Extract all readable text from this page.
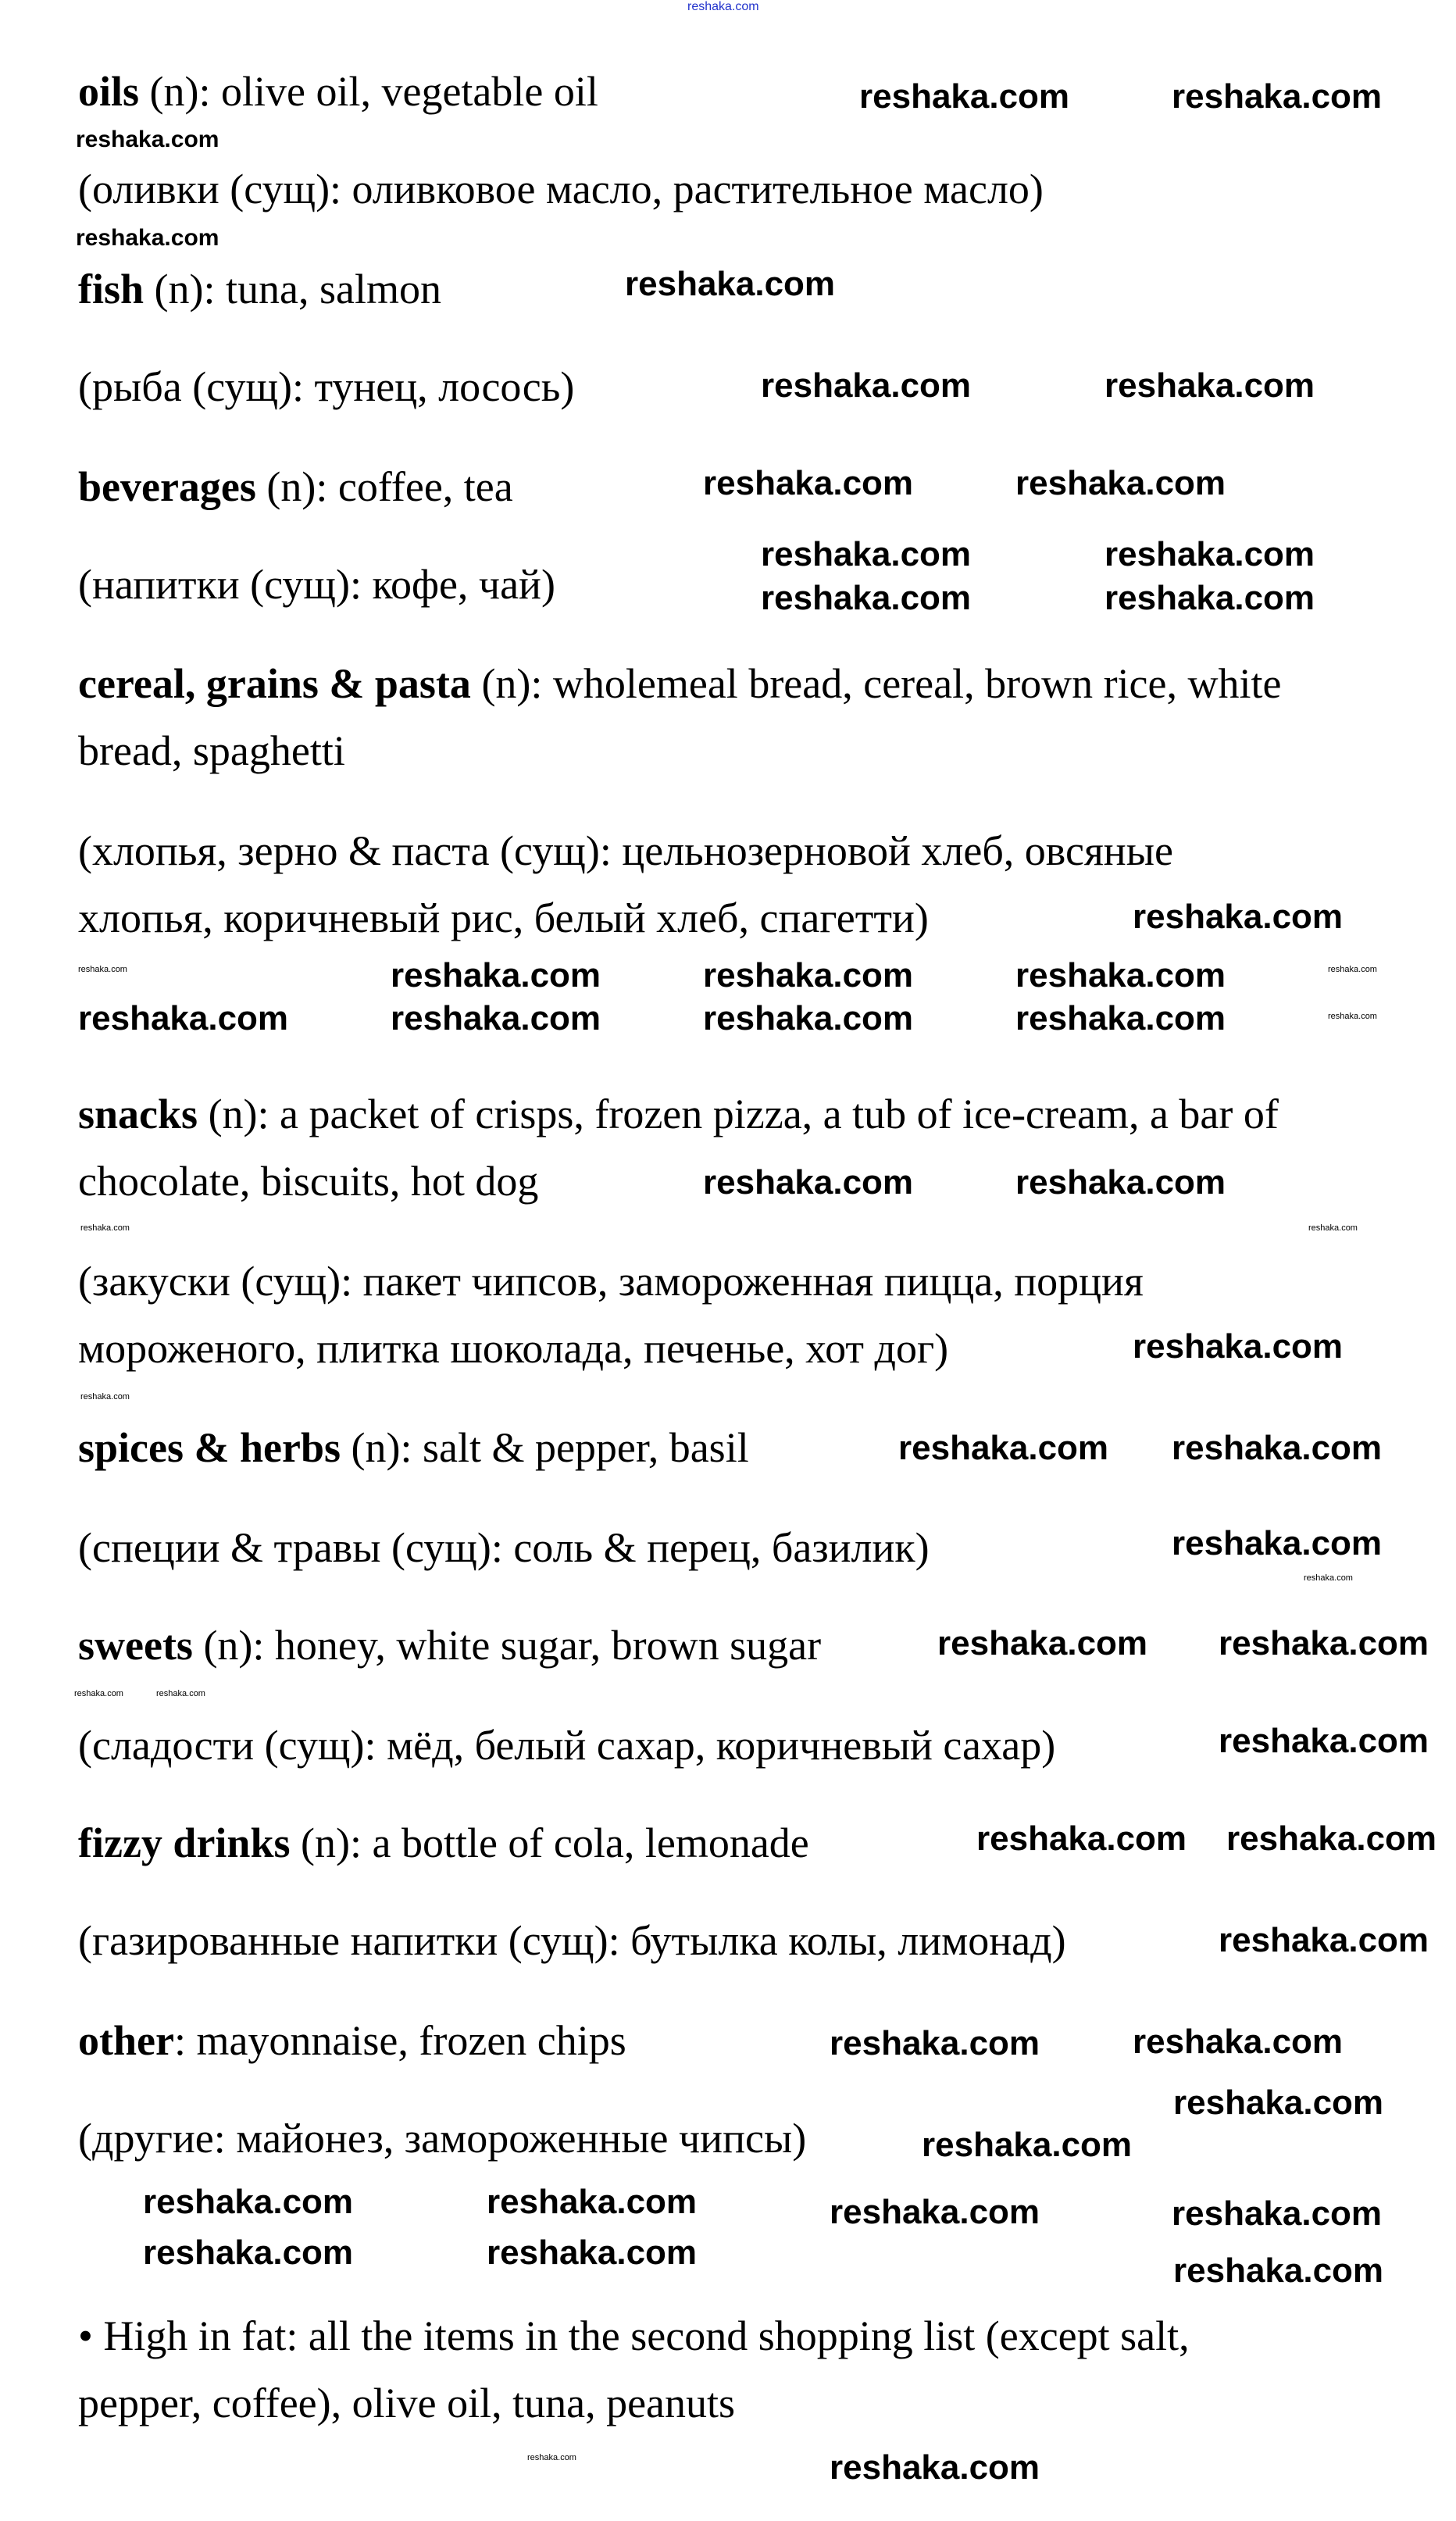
oils (n): olive oil, vegetable oil
(оливки (сущ): оливковое масло, растительное масло)
fish (n): tuna, salmon
(рыба (сущ): тунец, лосось)
beverages (n): coffee, tea
(напитки (сущ): кофе, чай)
cereal, grains & pasta (n): wholemeal bread, cereal, brown rice, white
bread, spaghetti
(хлопья, зерно & паста (сущ): цельнозерновой хлеб, овсяные
хлопья, коричневый рис, белый хлеб, спагетти)
snacks (n): a packet of crisps, frozen pizza, a tub of ice-cream, a bar of
chocolate, biscuits, hot dog
(закуски (сущ): пакет чипсов, замороженная пицца, порция
мороженого, плитка шоколада, печенье, хот дог)
spices & herbs (n): salt & pepper, basil
(специи & травы (сущ): соль & перец, базилик)
sweets (n): honey, white sugar, brown sugar
(сладости (сущ): мёд, белый сахар, коричневый сахар)
fizzy drinks (n): a bottle of cola, lemonade
(газированные напитки (сущ): бутылка колы, лимонад)
other: mayonnaise, frozen chips
(другие: майонез, замороженные чипсы)
• High in fat: all the items in the second shopping list (except salt,
pepper, coffee), olive oil, tuna, peanuts
reshaka.com
reshaka.com
reshaka.com	reshaka.com
reshaka.com
reshaka.com
reshaka.com	reshaka.com
reshaka.com	reshaka.com
reshaka.com	reshaka.com
reshaka.com	reshaka.com
reshaka.com	reshaka.com
reshaka.com	reshaka.com
reshaka.com
reshaka.com
reshaka.com
reshaka.com	reshaka.com	reshaka.com	reshaka.com
reshaka.com
reshaka.com
reshaka.com	reshaka.com
reshaka.com
reshaka.com
reshaka.com reshaka.com
reshaka.com
reshaka.com
reshaka.com
reshaka.com
reshaka.com	reshaka.com
reshaka.com reshaka.com
reshaka.com
reshaka.com
reshaka.com
reshaka.com
reshaka.com
reshaka.com
reshaka.com	reshaka.com
reshaka.com
reshaka.com
reshaka.com	reshaka.com	reshaka.com
reshaka.com
reshaka.com
